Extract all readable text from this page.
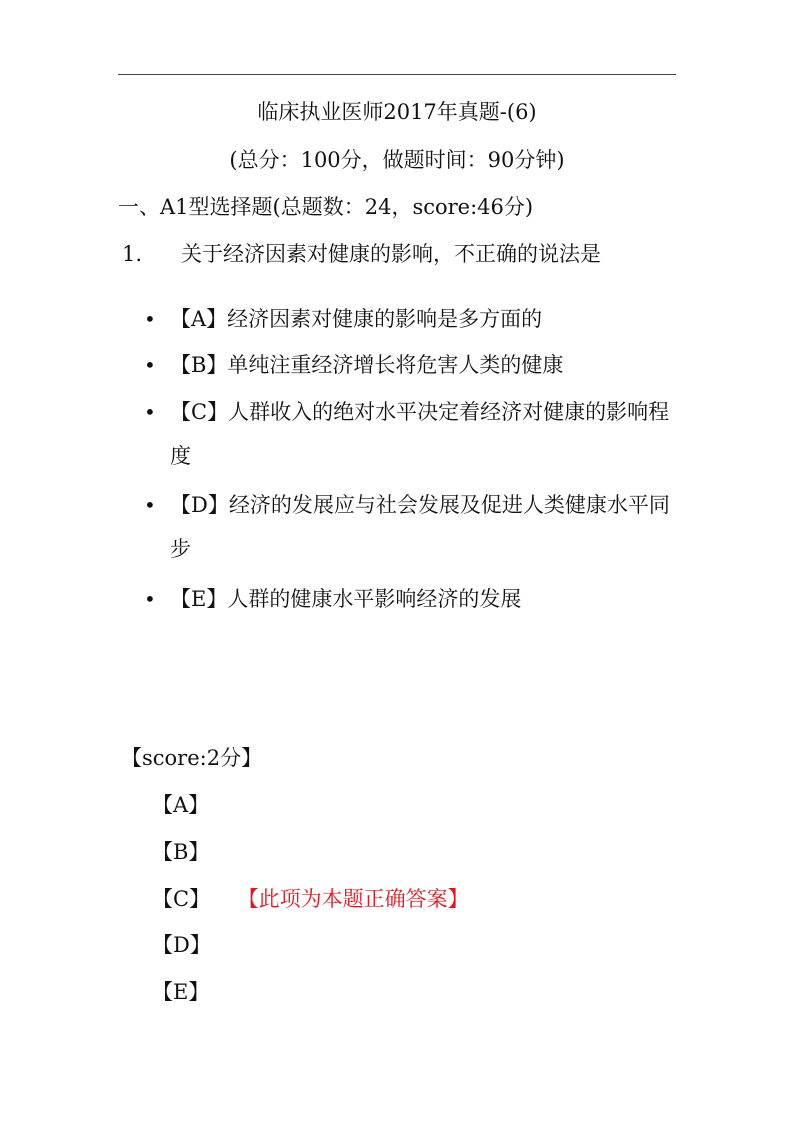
临床执业医师2017年真题-(6)
(总分：100分，做题时间：90分钟)
一、A1型选择题(总题数：24，score:46分)
1. 关于经济因素对健康的影响，不正确的说法是
• 【A】经济因素对健康的影响是多方面的
• 【B】单纯注重经济增长将危害人类的健康
• 【C】人群收入的绝对水平决定着经济对健康的影响程度
• 【D】经济的发展应与社会发展及促进人类健康水平同步
• 【E】人群的健康水平影响经济的发展
【score:2分】
【A】
【B】
【C】 【此项为本题正确答案】
【D】
【E】
